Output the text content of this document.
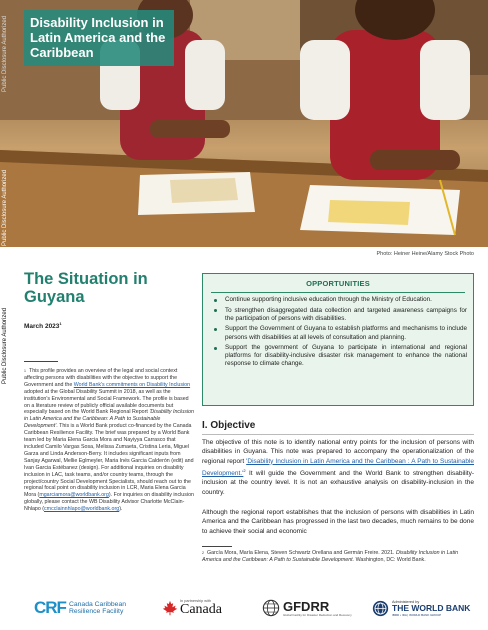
Disability Inclusion in Latin America and the Caribbean
Photo: Heiner Heine/Alamy Stock Photo
Public Disclosure Authorized
Public Disclosure Authorized
Public Disclosure Authorized
The Situation in Guyana
March 2023$^1$

$^1$ This profile provides an overview of the legal and social context affecting persons with disabilities with the objective to support the Government and the World Bank's commitments on Disability Inclusion adopted at the Global Disability Summit in 2018, as well as the institution's Environmental and Social Framework. The profile is based on a literature review of publicly official available documents but especially based on the World Bank Regional Report 'Disability Inclusion in Latin America and the Caribbean: A Path to Sustainable Development'. This is a World Bank product co-financed by the Canada Caribbean Resilience Facility. The brief was prepared by a World Bank team led by Maria Elena Garcia Mora and Nayiyya Carrasco that included Camilo Vargas Sosa, Melissa Zumaeta, Cristina Leria, Miguel Garza and Linda Anderson-Berry. It includes significant inputs from Sanjay Agarwal, Mellie Eglmeyler, Maria Inés Garcia Calderón (edit) and Ivan Garcia Estébanez (design). For additional inquiries on disability inclusion in LAC, task teams, and/or country teams, through the project/country Social Development Specialists, should reach out to the regional focal point on disability inclusion in LCR, Maria Elena Garcia Mora (mgarciamora@worldbank.org). For inquiries on disability inclusion globally, please contact the WB Disability Advisor Charlotte McClain-Nhlapo (cmcclainnhlapo@worldbank.org).

OPPORTUNITIES
Continue supporting inclusive education through the Ministry of Education.
To strengthen disaggregated data collection and targeted awareness campaigns for the participation of persons with disabilities.
Support the Government of Guyana to establish platforms and mechanisms to include persons with disabilities at all levels of consultation and planning.
Support the government of Guyana to participate in international and regional platforms for disability-inclusive disaster risk management to enhance the national response to climate change.
I. Objective

The objective of this note is to identify national entry points for the inclusion of persons with disabilities in Guyana. This note was prepared to accompany the operationalization of the regional report 'Disability Inclusion in Latin America and the Caribbean : A Path to Sustainable $Development.'^2$ It will guide the Government and the World Bank to strengthen disability-inclusion at the country level. It is not an exhaustive analysis on disability-inclusion in the country.

Although the regional report establishes that the inclusion of persons with disabilities in Latin America and the Caribbean has progressed in the last two decades, much remains to be done to achieve their social and economic

$^2$ García Mora, María Elena, Steven Schwartz Orellana and Germán Freire. 2021. Disability Inclusion in Latin America and the Caribbean: A Path to Sustainable Development. Washington, DC: World Bank.

CRF Canada Caribbean
Resilience Facility
In partnership with
Canada	GFDRR
Global Facility for Disaster Reduction and Recovery
Administered by
THE WORLD BANK
IBRD • IDA | WORLD BANK GROUP
